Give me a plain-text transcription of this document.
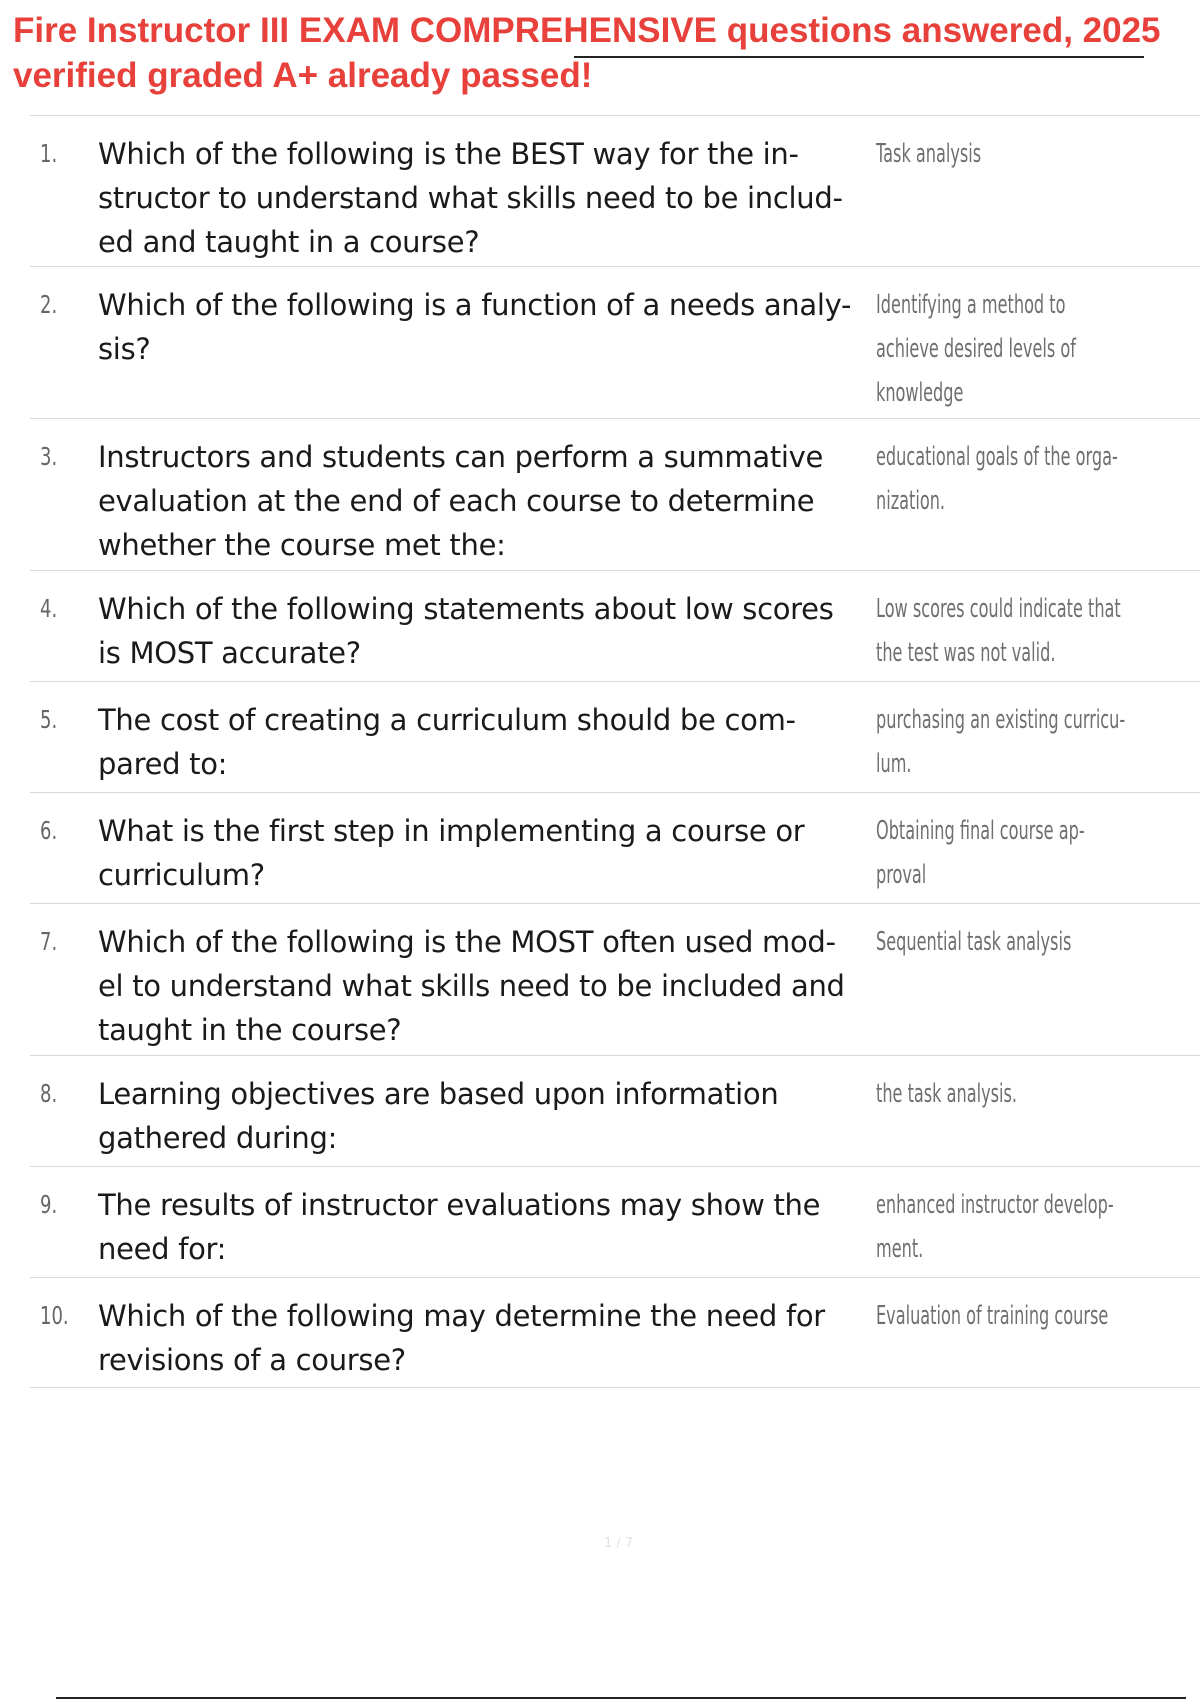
Fire Instructor III EXAM COMPREHENSIVE questions answered, 2025
verified graded A+ already passed!
1. Which of the following is the BEST way for the in-
structor to understand what skills need to be includ-
ed and taught in a course?
Task analysis
2. Which of the following is a function of a needs analy-
sis?
Identifying a method to
achieve desired levels of
knowledge
3. Instructors and students can perform a summative
evaluation at the end of each course to determine
whether the course met the:
educational goals of the orga-
nization.
4. Which of the following statements about low scores
is MOST accurate?
Low scores could indicate that
the test was not valid.
5. The cost of creating a curriculum should be com-
pared to:
purchasing an existing curricu-
lum.
6. What is the first step in implementing a course or
curriculum?
Obtaining final course ap-
proval
7. Which of the following is the MOST often used mod-
el to understand what skills need to be included and
taught in the course?
Sequential task analysis
8. Learning objectives are based upon information
gathered during:
the task analysis.
9. The results of instructor evaluations may show the
need for:
enhanced instructor develop-
ment.
10. Which of the following may determine the need for
revisions of a course?
Evaluation of training course
1 / 7
